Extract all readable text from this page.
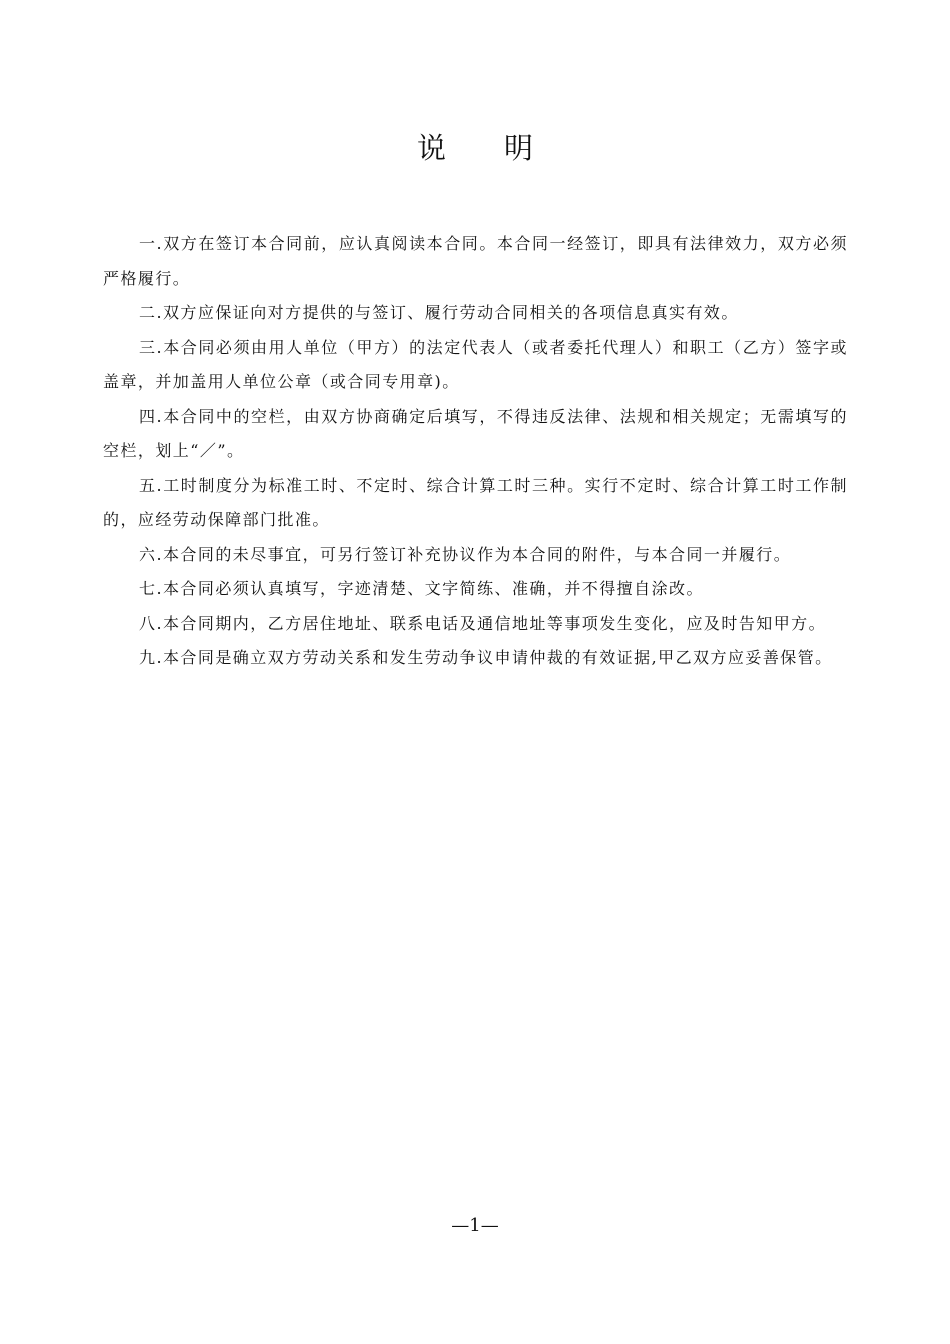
说 明

一.双方在签订本合同前，应认真阅读本合同。本合同一经签订，即具有法律效力，双方必须严格履行。

二.双方应保证向对方提供的与签订、履行劳动合同相关的各项信息真实有效。

三.本合同必须由用人单位（甲方）的法定代表人（或者委托代理人）和职工（乙方）签字或盖章，并加盖用人单位公章（或合同专用章)。

四.本合同中的空栏，由双方协商确定后填写，不得违反法律、法规和相关规定；无需填写的空栏，划上“／”。

五.工时制度分为标准工时、不定时、综合计算工时三种。实行不定时、综合计算工时工作制的，应经劳动保障部门批准。

六.本合同的未尽事宜，可另行签订补充协议作为本合同的附件，与本合同一并履行。

七.本合同必须认真填写，字迹清楚、文字简练、准确，并不得擅自涂改。

八.本合同期内，乙方居住地址、联系电话及通信地址等事项发生变化，应及时告知甲方。

九.本合同是确立双方劳动关系和发生劳动争议申请仲裁的有效证据,甲乙双方应妥善保管。

—1—
